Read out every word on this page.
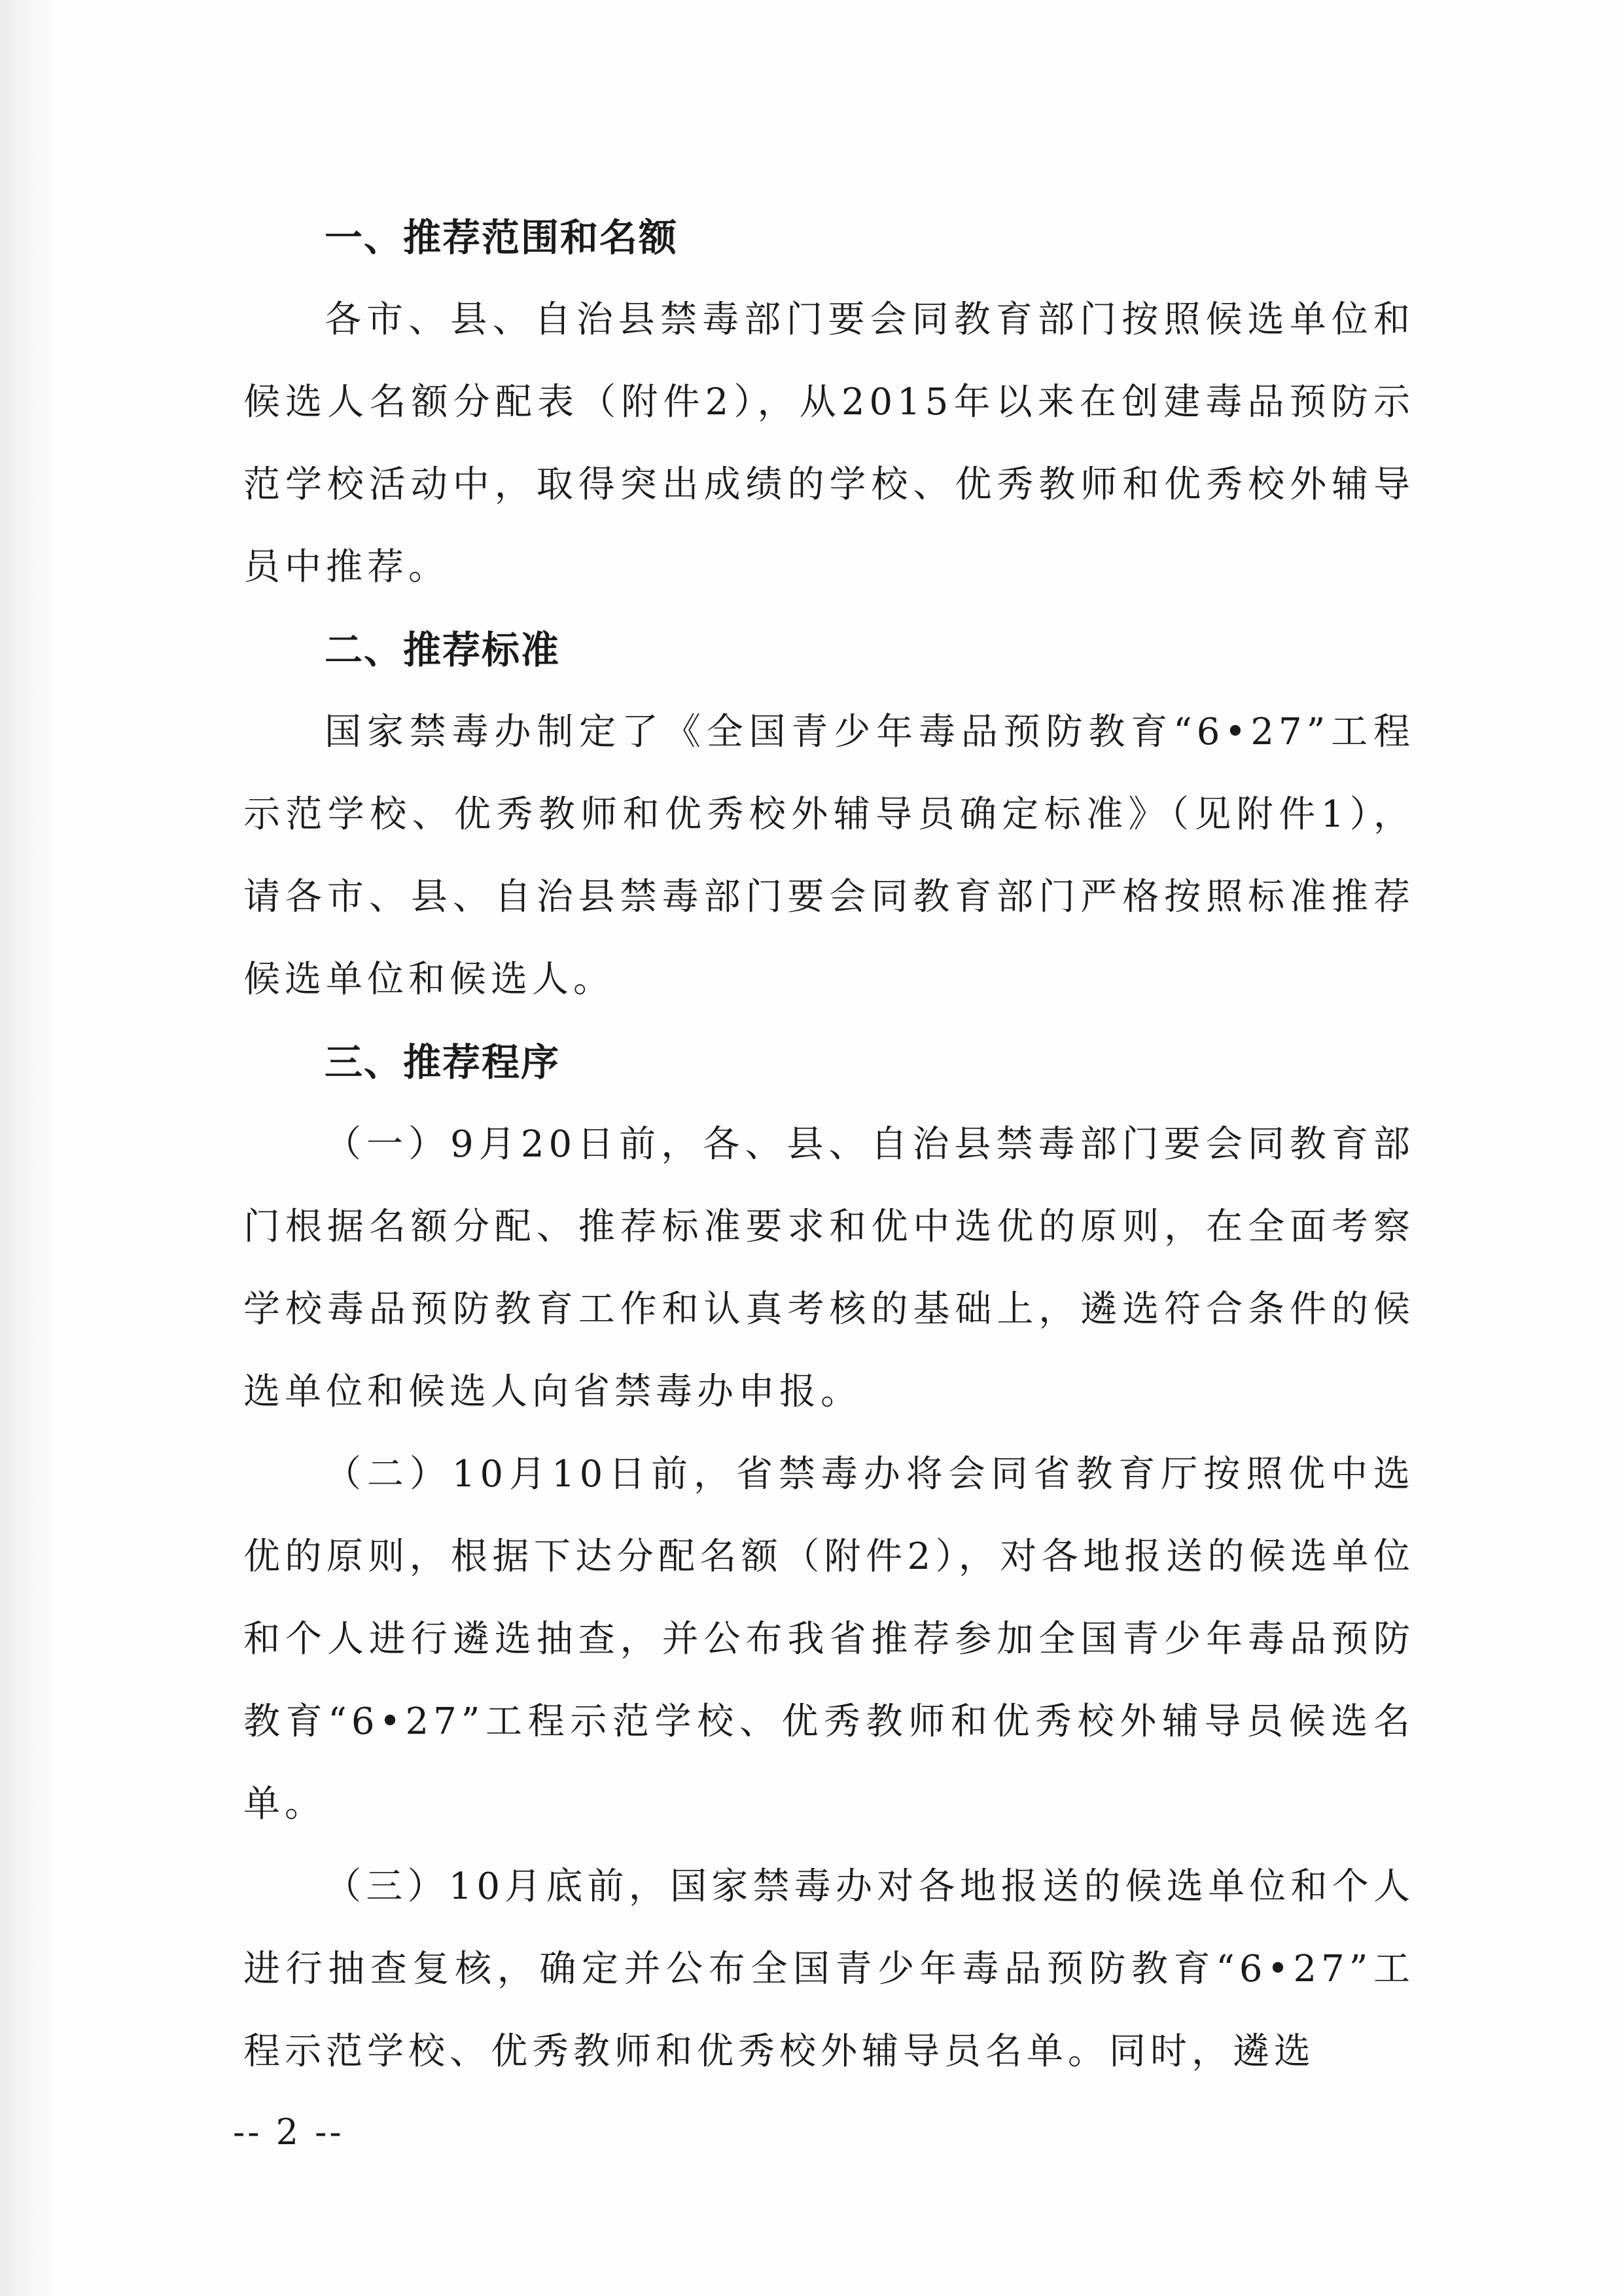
一、推荐范围和名额

各市、县、自治县禁毒部门要会同教育部门按照候选单位和候选人名额分配表（附件2），从2015年以来在创建毒品预防示范学校活动中，取得突出成绩的学校、优秀教师和优秀校外辅导员中推荐。

二、推荐标准

国家禁毒办制定了《全国青少年毒品预防教育“6•27”工程示范学校、优秀教师和优秀校外辅导员确定标准》（见附件1），请各市、县、自治县禁毒部门要会同教育部门严格按照标准推荐候选单位和候选人。

三、推荐程序

（一）9月20日前，各、县、自治县禁毒部门要会同教育部门根据名额分配、推荐标准要求和优中选优的原则，在全面考察学校毒品预防教育工作和认真考核的基础上，遴选符合条件的候选单位和候选人向省禁毒办申报。

（二）10月10日前，省禁毒办将会同省教育厅按照优中选优的原则，根据下达分配名额（附件2），对各地报送的候选单位和个人进行遴选抽查，并公布我省推荐参加全国青少年毒品预防教育“6•27”工程示范学校、优秀教师和优秀校外辅导员候选名单。

（三）10月底前，国家禁毒办对各地报送的候选单位和个人进行抽查复核，确定并公布全国青少年毒品预防教育“6•27”工程示范学校、优秀教师和优秀校外辅导员名单。同时，遴选

-- 2 --
